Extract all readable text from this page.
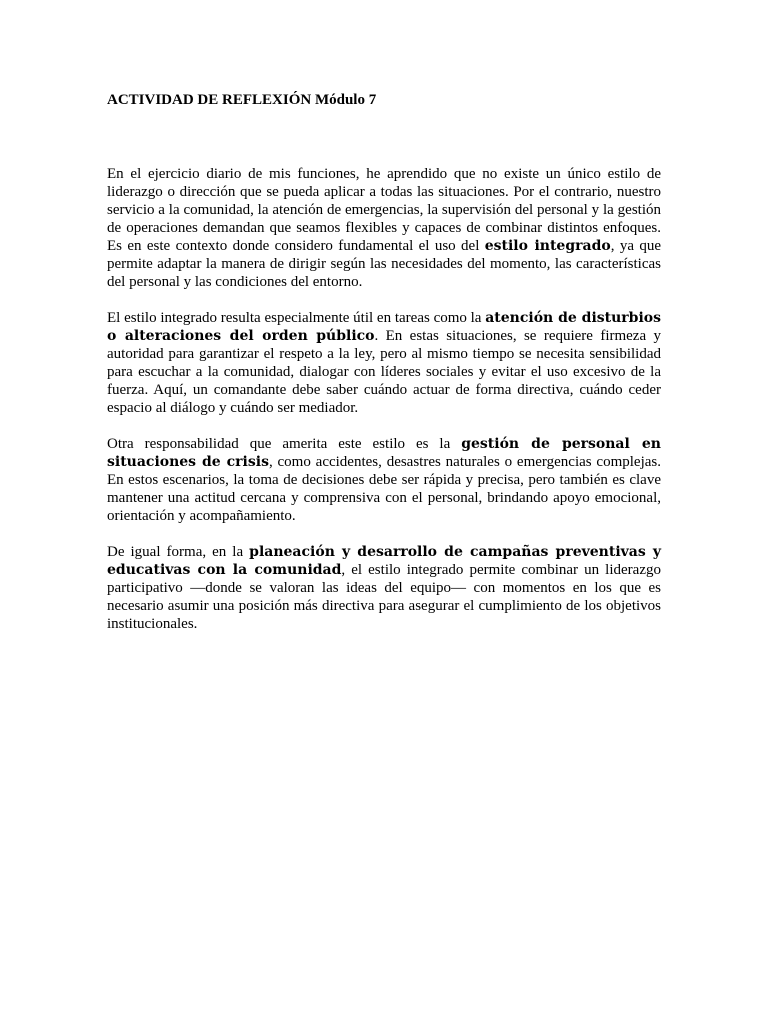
ACTIVIDAD DE REFLEXIÓN Módulo 7

En el ejercicio diario de mis funciones, he aprendido que no existe un único estilo de liderazgo o dirección que se pueda aplicar a todas las situaciones. Por el contrario, nuestro servicio a la comunidad, la atención de emergencias, la supervisión del personal y la gestión de operaciones demandan que seamos flexibles y capaces de combinar distintos enfoques. Es en este contexto donde considero fundamental el uso del estilo integrado, ya que permite adaptar la manera de dirigir según las necesidades del momento, las características del personal y las condiciones del entorno.

El estilo integrado resulta especialmente útil en tareas como la atención de disturbios o alteraciones del orden público. En estas situaciones, se requiere firmeza y autoridad para garantizar el respeto a la ley, pero al mismo tiempo se necesita sensibilidad para escuchar a la comunidad, dialogar con líderes sociales y evitar el uso excesivo de la fuerza. Aquí, un comandante debe saber cuándo actuar de forma directiva, cuándo ceder espacio al diálogo y cuándo ser mediador.

Otra responsabilidad que amerita este estilo es la gestión de personal en situaciones de crisis, como accidentes, desastres naturales o emergencias complejas. En estos escenarios, la toma de decisiones debe ser rápida y precisa, pero también es clave mantener una actitud cercana y comprensiva con el personal, brindando apoyo emocional, orientación y acompañamiento.

De igual forma, en la planeación y desarrollo de campañas preventivas y educativas con la comunidad, el estilo integrado permite combinar un liderazgo participativo —donde se valoran las ideas del equipo— con momentos en los que es necesario asumir una posición más directiva para asegurar el cumplimiento de los objetivos institucionales.
